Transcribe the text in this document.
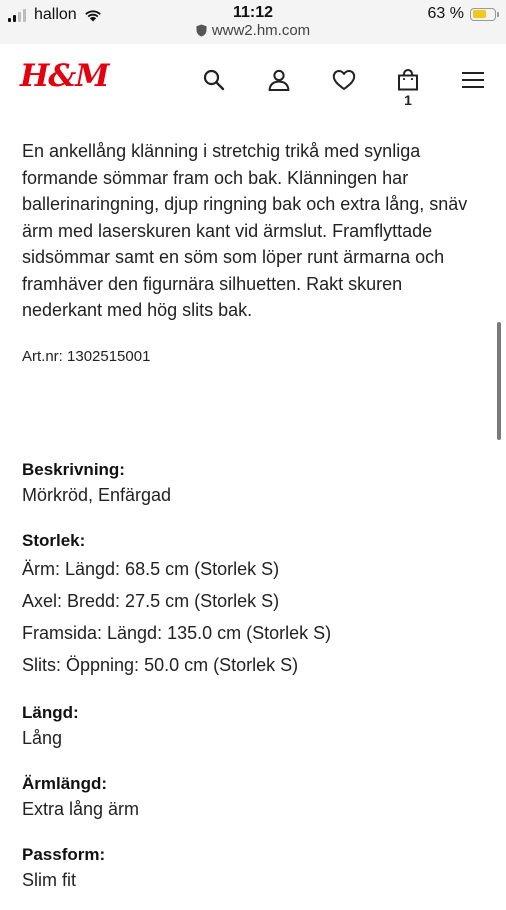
hallon	11:12
www2.hm.com
63 %
H&M
1

En ankellång klänning i stretchig trikå med synliga formande sömmar fram och bak. Klänningen har ballerinaringning, djup ringning bak och extra lång, snäv ärm med laserskuren kant vid ärmslut. Framflyttade sidsömmar samt en söm som löper runt ärmarna och framhäver den figurnära silhuetten. Rakt skuren nederkant med hög slits bak.

Art.nr: 1302515001
Beskrivning:
Mörkröd, Enfärgad
Storlek:
Ärm: Längd: 68.5 cm (Storlek S)
Axel: Bredd: 27.5 cm (Storlek S)
Framsida: Längd: 135.0 cm (Storlek S)
Slits: Öppning: 50.0 cm (Storlek S)
Längd:
Lång
Ärmlängd:
Extra lång ärm
Passform:
Slim fit
